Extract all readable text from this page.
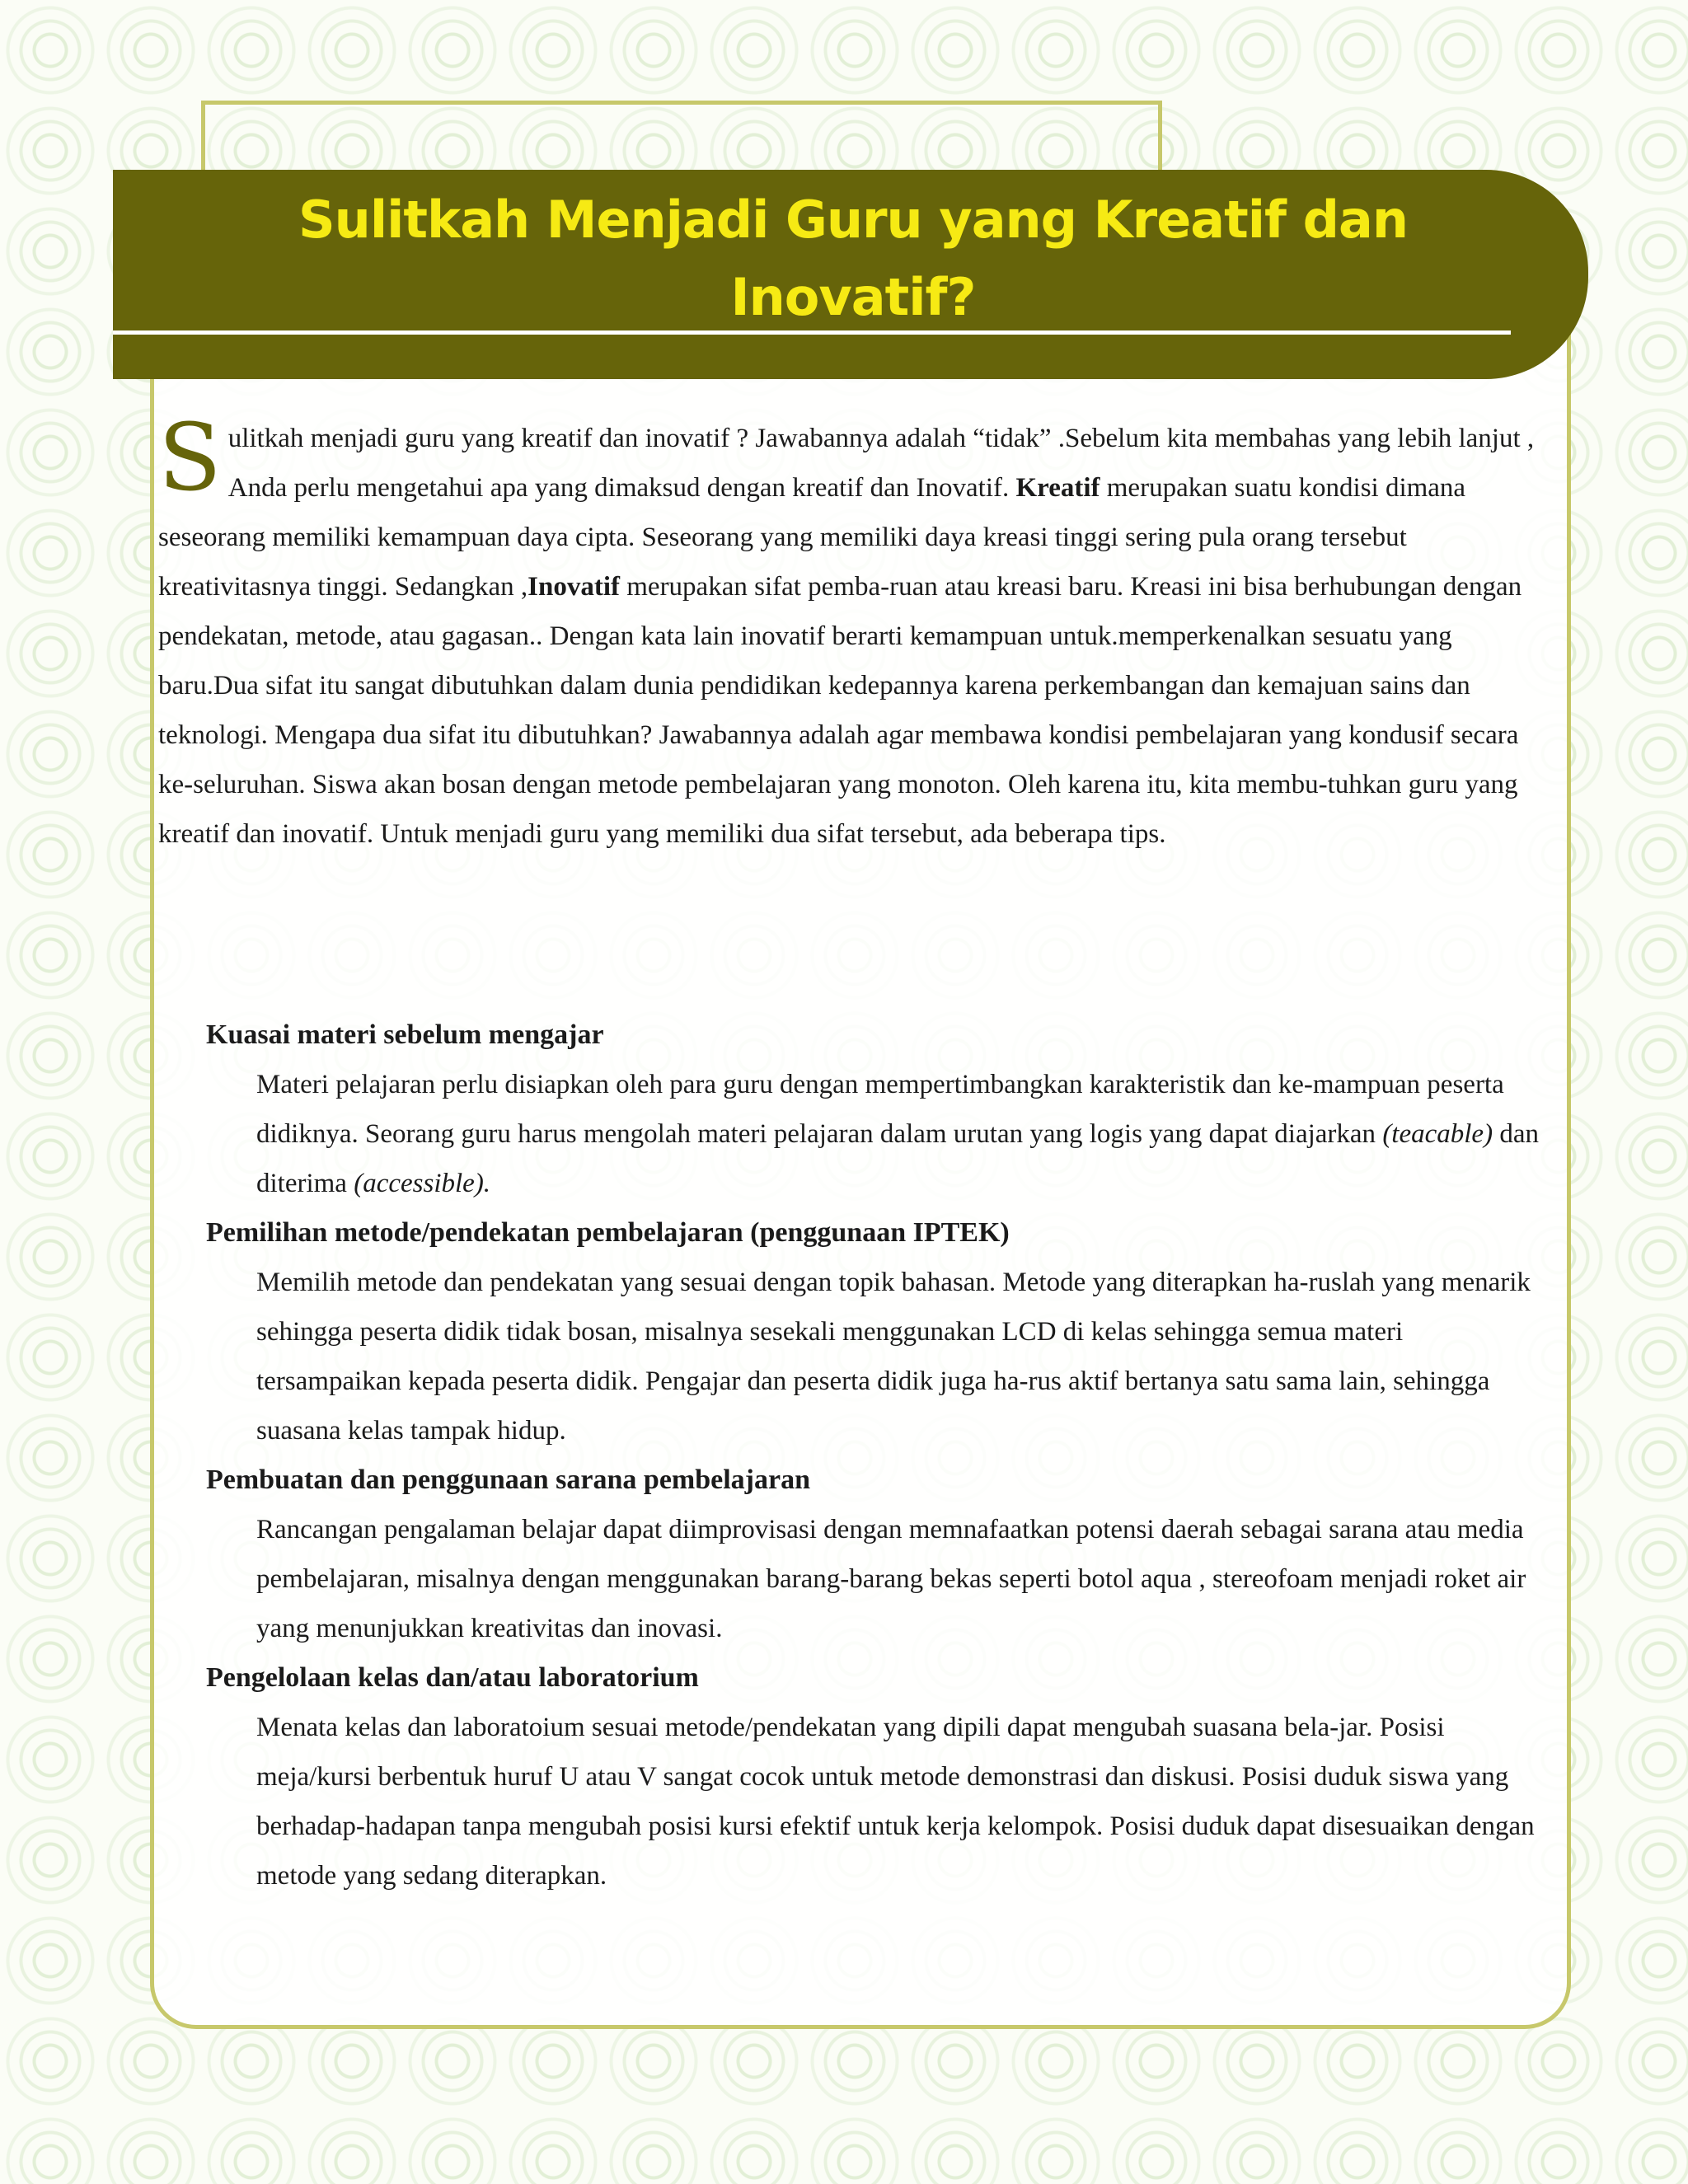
Sulitkah Menjadi Guru yang Kreatif dan
Inovatif?

Sulitkah menjadi guru yang kreatif dan inovatif ? Jawabannya adalah “tidak” .Sebelum kita membahas yang lebih lanjut , Anda perlu mengetahui apa yang dimaksud dengan kreatif dan Inovatif. Kreatif merupakan suatu kondisi dimana seseorang memiliki kemampuan daya cipta. Seseorang yang memiliki daya kreasi tinggi sering pula orang tersebut kreativitasnya tinggi. Sedangkan ,Inovatif merupakan sifat pemba-ruan atau kreasi baru. Kreasi ini bisa berhubungan dengan pendekatan, metode, atau gagasan.. Dengan kata lain inovatif berarti kemampuan untuk.memperkenalkan sesuatu yang baru.Dua sifat itu sangat dibutuhkan dalam dunia pendidikan kedepannya karena perkembangan dan kemajuan sains dan teknologi. Mengapa dua sifat itu dibutuhkan? Jawabannya adalah agar membawa kondisi pembelajaran yang kondusif secara ke-seluruhan. Siswa akan bosan dengan metode pembelajaran yang monoton. Oleh karena itu, kita membu-tuhkan guru yang kreatif dan inovatif. Untuk menjadi guru yang memiliki dua sifat tersebut, ada beberapa tips.

Kuasai materi sebelum mengajar

Materi pelajaran perlu disiapkan oleh para guru dengan mempertimbangkan karakteristik dan ke-mampuan peserta didiknya. Seorang guru harus mengolah materi pelajaran dalam urutan yang logis yang dapat diajarkan (teacable) dan diterima (accessible).

Pemilihan metode/pendekatan pembelajaran (penggunaan IPTEK)

Memilih metode dan pendekatan yang sesuai dengan topik bahasan. Metode yang diterapkan ha-ruslah yang menarik sehingga peserta didik tidak bosan, misalnya sesekali menggunakan LCD di kelas sehingga semua materi tersampaikan kepada peserta didik. Pengajar dan peserta didik juga ha-rus aktif bertanya satu sama lain, sehingga suasana kelas tampak hidup.

Pembuatan dan penggunaan sarana pembelajaran

Rancangan pengalaman belajar dapat diimprovisasi dengan memnafaatkan potensi daerah sebagai sarana atau media pembelajaran, misalnya dengan menggunakan barang-barang bekas seperti botol aqua , stereofoam menjadi roket air yang menunjukkan kreativitas dan inovasi.

Pengelolaan kelas dan/atau laboratorium

Menata kelas dan laboratoium sesuai metode/pendekatan yang dipili dapat mengubah suasana bela-jar. Posisi meja/kursi berbentuk huruf U atau V sangat cocok untuk metode demonstrasi dan diskusi. Posisi duduk siswa yang berhadap-hadapan tanpa mengubah posisi kursi efektif untuk kerja kelompok. Posisi duduk dapat disesuaikan dengan metode yang sedang diterapkan.
